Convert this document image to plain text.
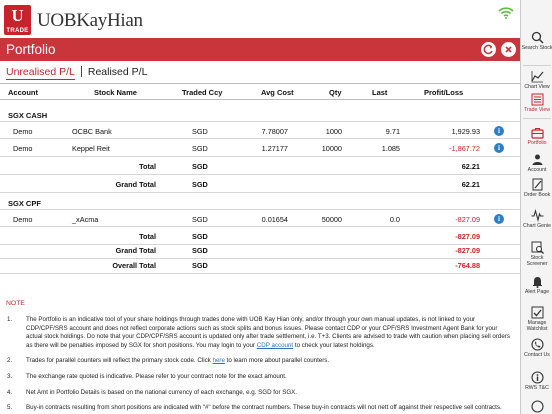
U
TRADE UOBKayHian
Portfolio
Unrealised P/L Realised P/L
Account	Stock Name	Traded Ccy	Avg Cost	Qty	Last	Profit/Loss
SGX CASH
Demo	OCBC Bank	SGD	7.78007	1000	9.71	1,929.93	i
Demo	Keppel Reit	SGD	1.27177	10000	1.085	-1,867.72	i
Total	SGD	62.21
Grand Total	SGD	62.21
SGX CPF
Demo	_xAcma	SGD	0.01654	50000	0.0	-827.09	i
Total	SGD	-827.09
Grand Total	SGD	-827.09
Overall Total	SGD	-764.88
NOTE
1. The Portfolio is an indicative tool of your share holdings through trades done with UOB Kay Hian only, and/or through your own manual updates, is not linked to your CDP/CPF/SRS account and does not reflect corporate actions such as stock splits and bonus issues. Please contact CDP or your CPF/SRS Investment Agent Bank for your actual stock holdings. Do note that your CDP/CPF/SRS account is updated only after trade settlement, i.e. T+3. Clients are advised to trade with caution when placing sell orders as there will be penalties imposed by SGX for short positions. You may login to your CDP account to check your latest holdings.
2. Trades for parallel counters will reflect the primary stock code. Click here to learn more about parallel counters.
3. The exchange rate quoted is indicative. Please refer to your contract note for the exact amount.
4. Net Amt in Portfolio Details is based on the national currency of each exchange, e.g. SGD for SGX.
5. Buy-in contracts resulting from short positions are indicated with "#" before the contract numbers. These buy-in contracts will not nett off against their respective sell contracts.
Search Stock
Chart View
Trade View
Portfolio
Account
Order Book
Chart Genie
Stock Screener
Alert Page
Manage Watchlist
Contact Us
RWS T&C
